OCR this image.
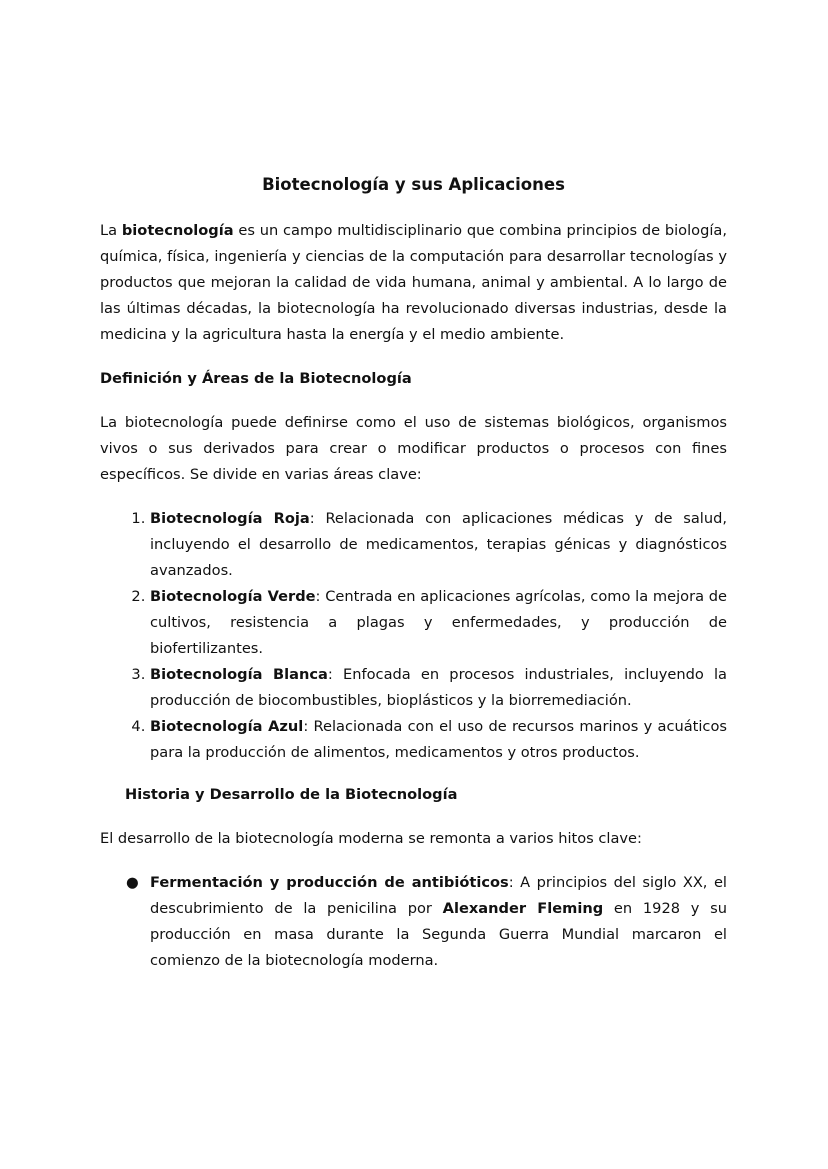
Biotecnología y sus Aplicaciones

La biotecnología es un campo multidisciplinario que combina principios de biología, química, física, ingeniería y ciencias de la computación para desarrollar tecnologías y productos que mejoran la calidad de vida humana, animal y ambiental. A lo largo de las últimas décadas, la biotecnología ha revolucionado diversas industrias, desde la medicina y la agricultura hasta la energía y el medio ambiente.

Definición y Áreas de la Biotecnología

La biotecnología puede definirse como el uso de sistemas biológicos, organismos vivos o sus derivados para crear o modificar productos o procesos con fines específicos. Se divide en varias áreas clave:

1. Biotecnología Roja: Relacionada con aplicaciones médicas y de salud, incluyendo el desarrollo de medicamentos, terapias génicas y diagnósticos avanzados.
2. Biotecnología Verde: Centrada en aplicaciones agrícolas, como la mejora de cultivos, resistencia a plagas y enfermedades, y producción de biofertilizantes.
3. Biotecnología Blanca: Enfocada en procesos industriales, incluyendo la producción de biocombustibles, bioplásticos y la biorremediación.
4. Biotecnología Azul: Relacionada con el uso de recursos marinos y acuáticos para la producción de alimentos, medicamentos y otros productos.
Historia y Desarrollo de la Biotecnología

El desarrollo de la biotecnología moderna se remonta a varios hitos clave:

● Fermentación y producción de antibióticos: A principios del siglo XX, el descubrimiento de la penicilina por Alexander Fleming en 1928 y su producción en masa durante la Segunda Guerra Mundial marcaron el comienzo de la biotecnología moderna.
